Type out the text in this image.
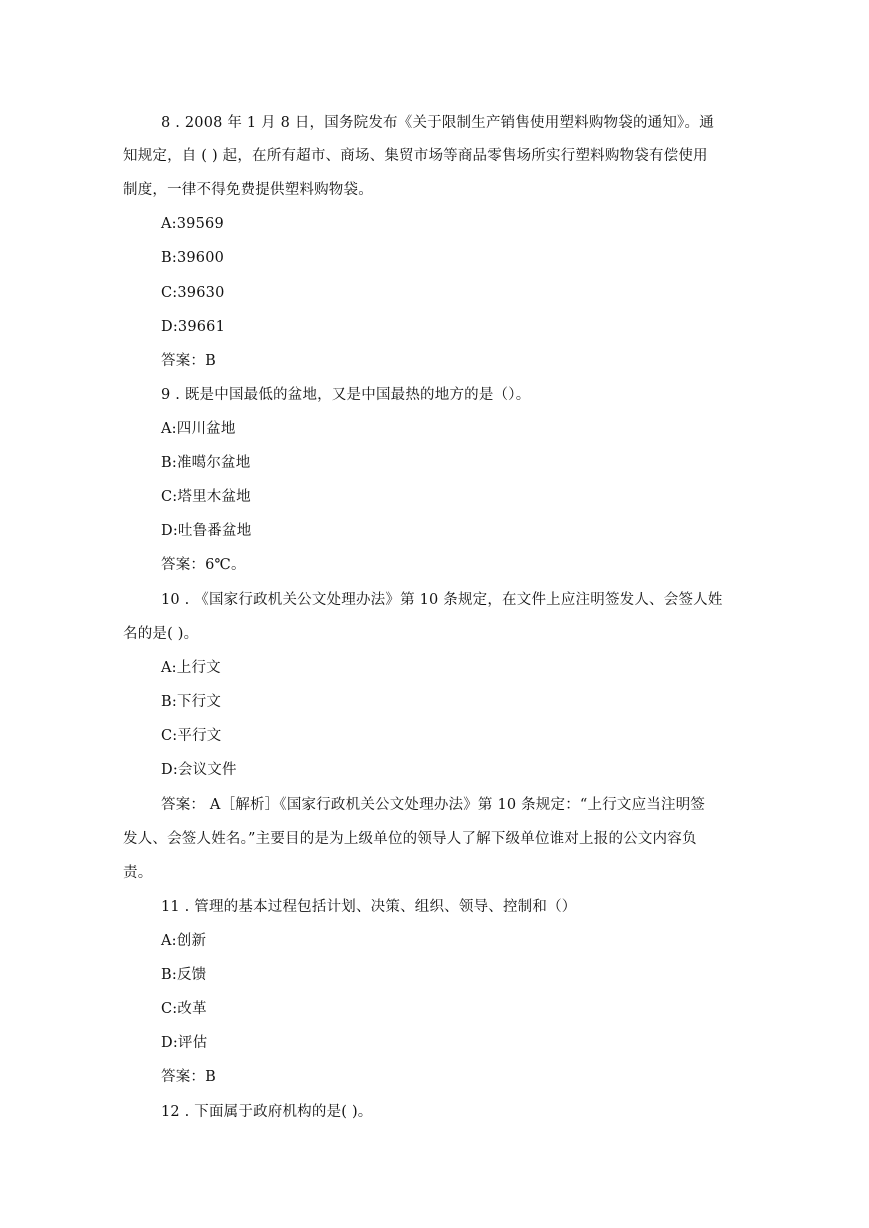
8 . 2008 年 1 月 8 日，国务院发布《关于限制生产销售使用塑料购物袋的通知》。通
知规定，自 ( ) 起，在所有超市、商场、集贸市场等商品零售场所实行塑料购物袋有偿使用
制度，一律不得免费提供塑料购物袋。
A:39569
B:39600
C:39630
D:39661
答案：B
9 . 既是中国最低的盆地，又是中国最热的地方的是（）。
A:四川盆地
B:准噶尔盆地
C:塔里木盆地
D:吐鲁番盆地
答案：6℃。
10 . 《国家行政机关公文处理办法》第 10 条规定，在文件上应注明签发人、会签人姓
名的是( )。
A:上行文
B:下行文
C:平行文
D:会议文件
答案： A［解析］《国家行政机关公文处理办法》第 10 条规定：“上行文应当注明签
发人、会签人姓名。”主要目的是为上级单位的领导人了解下级单位谁对上报的公文内容负
责。
11 . 管理的基本过程包括计划、决策、组织、领导、控制和（）
A:创新
B:反馈
C:改革
D:评估
答案：B
12 . 下面属于政府机构的是( )。
